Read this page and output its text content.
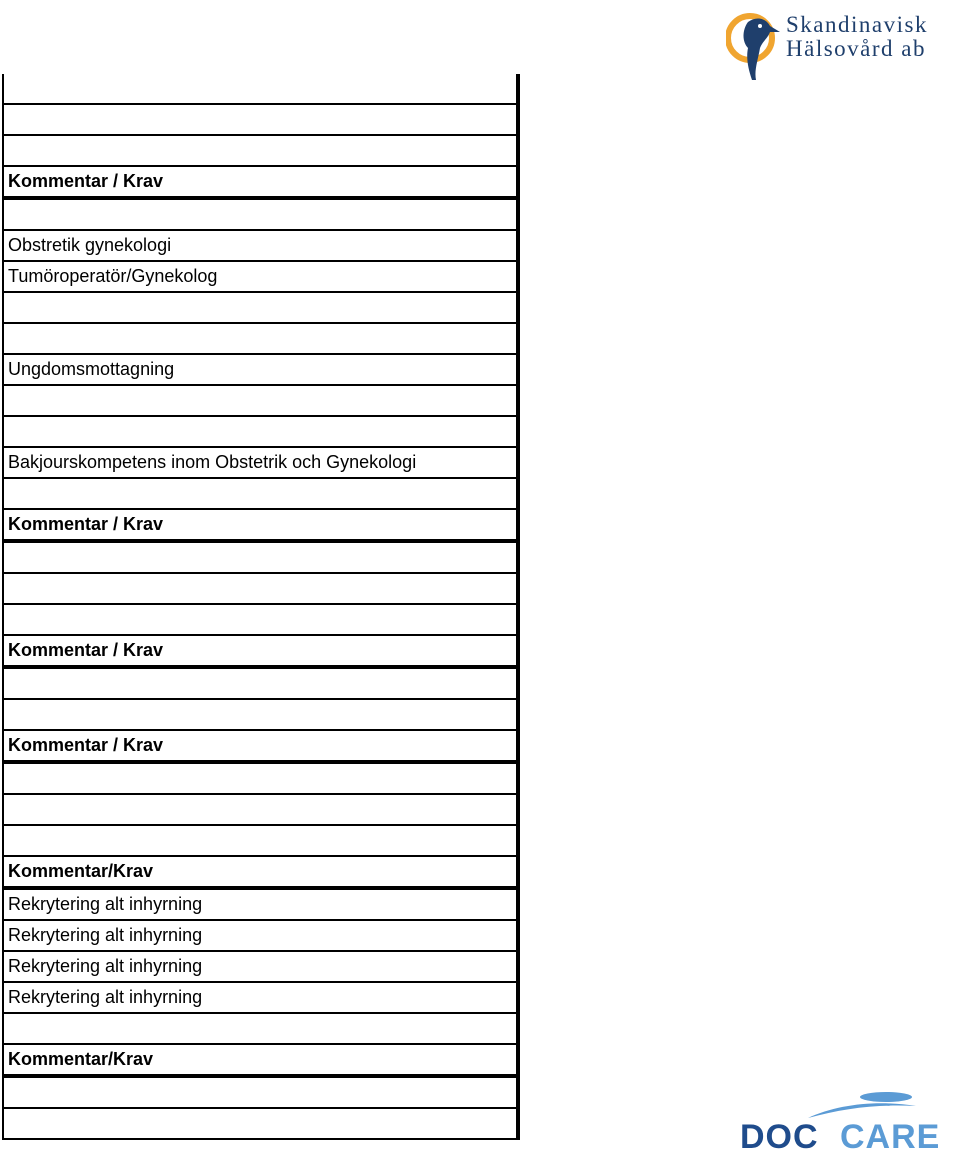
Skandinavisk
Hälsovård ab
Kommentar / Krav
Obstretik gynekologi
Tumöroperatör/Gynekolog
Ungdomsmottagning
Bakjourskompetens inom Obstetrik och Gynekologi
Kommentar / Krav
Kommentar / Krav
Kommentar / Krav
Kommentar/Krav
Rekrytering alt inhyrning
Rekrytering alt inhyrning
Rekrytering alt inhyrning
Rekrytering alt inhyrning
Kommentar/Krav
DOC CARE
